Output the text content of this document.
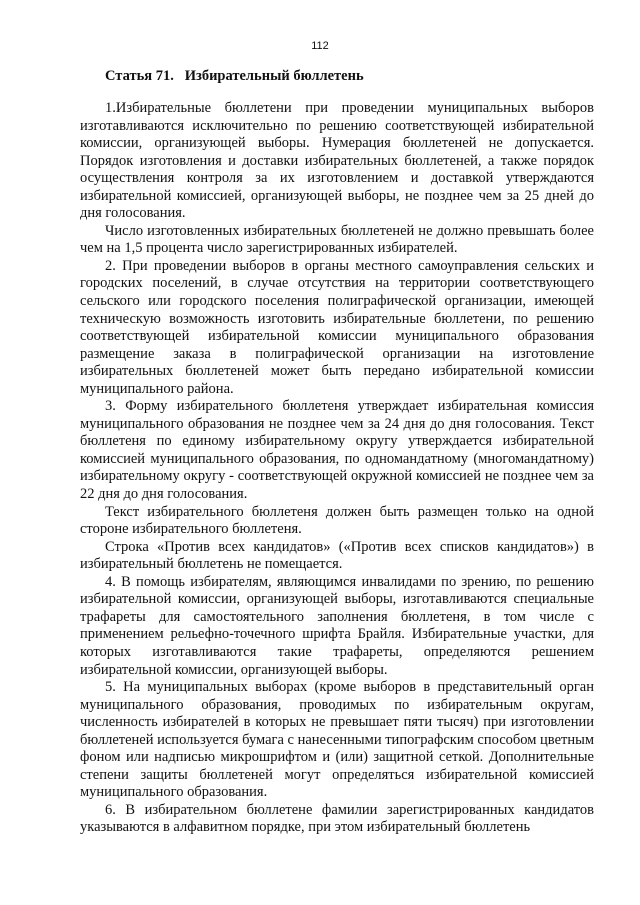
112
Статья 71.   Избирательный бюллетень

1.Избирательные бюллетени при проведении муниципальных выборов изготавливаются исключительно по решению соответствующей избирательной комиссии, организующей выборы. Нумерация бюллетеней не допускается. Порядок изготовления и доставки избирательных бюллетеней, а также порядок осуществления контроля за их изготовлением и доставкой утверждаются избирательной комиссией, организующей выборы, не позднее чем за 25 дней до дня голосования.

Число изготовленных избирательных бюллетеней не должно превышать более чем на 1,5 процента число зарегистрированных избирателей.

2. При проведении выборов в органы местного самоуправления сельских и городских поселений, в случае отсутствия на территории соответствующего сельского или городского поселения полиграфической организации, имеющей техническую возможность изготовить избирательные бюллетени, по решению соответствующей избирательной комиссии муниципального образования размещение заказа в полиграфической организации на изготовление избирательных бюллетеней может быть передано избирательной комиссии муниципального района.

3. Форму избирательного бюллетеня утверждает избирательная комиссия муниципального образования не позднее чем за 24 дня до дня голосования. Текст бюллетеня по единому избирательному округу утверждается избирательной комиссией муниципального образования, по одномандатному (многомандатному) избирательному округу - соответствующей окружной комиссией не позднее чем за 22 дня до дня голосования.

Текст избирательного бюллетеня должен быть размещен только на одной стороне избирательного бюллетеня.

Строка «Против всех кандидатов» («Против всех списков кандидатов») в избирательный бюллетень не помещается.

4. В помощь избирателям, являющимся инвалидами по зрению, по решению избирательной комиссии, организующей выборы, изготавливаются специальные трафареты для самостоятельного заполнения бюллетеня, в том числе с применением рельефно-точечного шрифта Брайля. Избирательные участки, для которых изготавливаются такие трафареты, определяются решением избирательной комиссии, организующей выборы.

5. На муниципальных выборах (кроме выборов в представительный орган муниципального образования, проводимых по избирательным округам, численность избирателей в которых не превышает пяти тысяч) при изготовлении бюллетеней используется бумага с нанесенными типографским способом цветным фоном или надписью микрошрифтом и (или) защитной сеткой. Дополнительные степени защиты бюллетеней могут определяться избирательной комиссией муниципального образования.

6. В избирательном бюллетене фамилии зарегистрированных кандидатов указываются в алфавитном порядке, при этом избирательный бюллетень
